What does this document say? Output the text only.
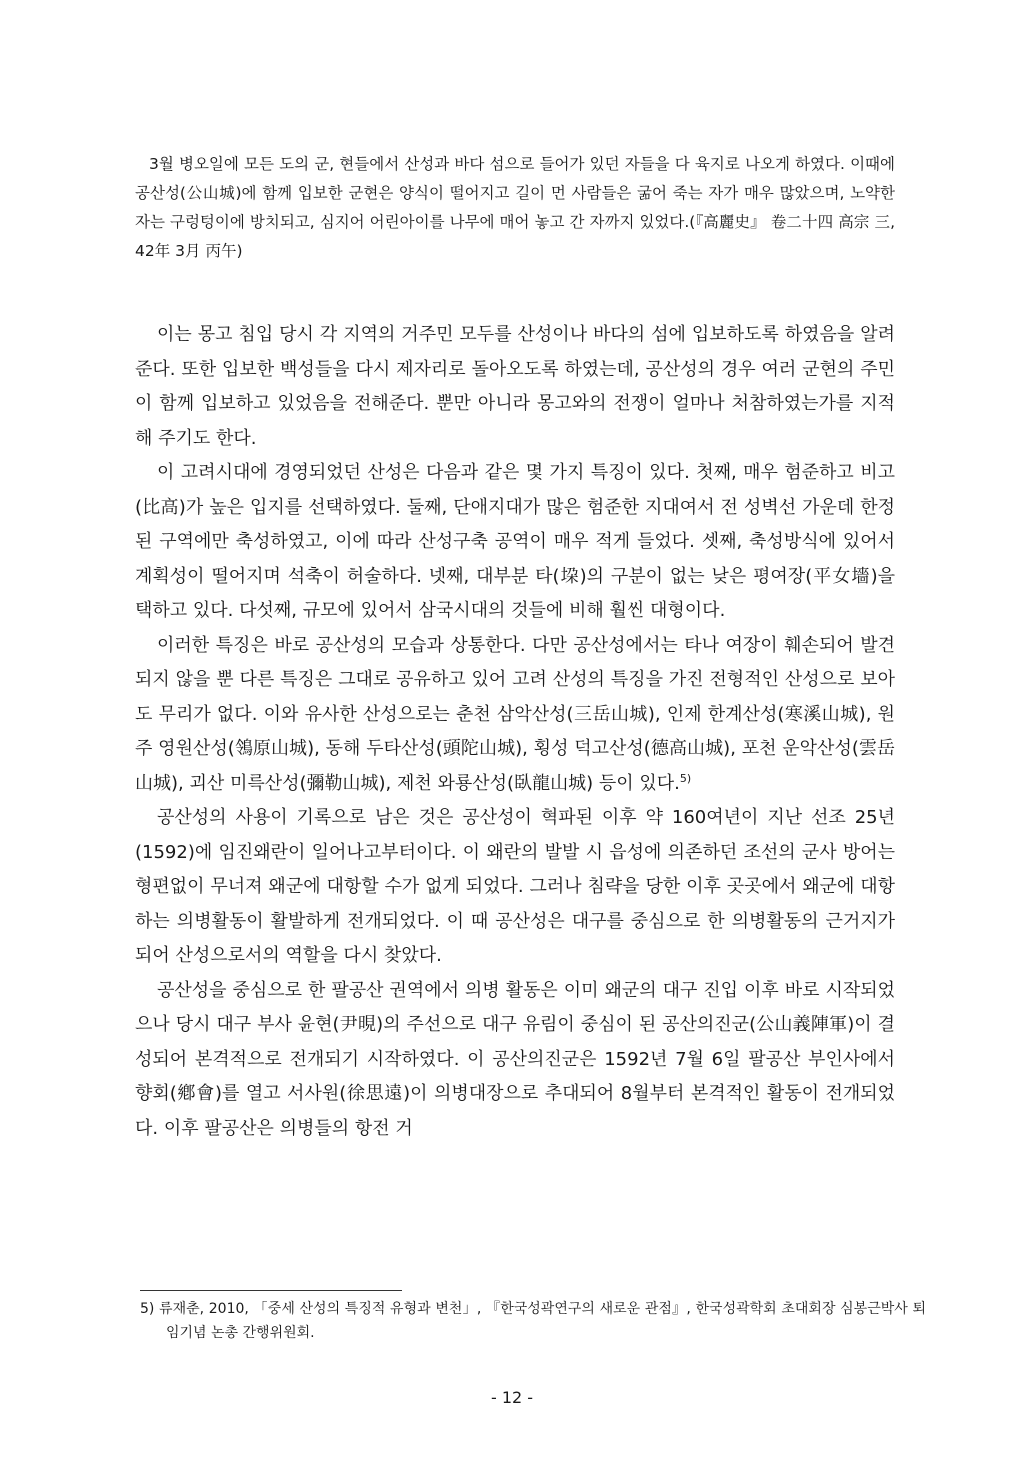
3월 병오일에 모든 도의 군, 현들에서 산성과 바다 섬으로 들어가 있던 자들을 다 육지로 나오게 하였다. 이때에 공산성(公山城)에 함께 입보한 군현은 양식이 떨어지고 길이 먼 사람들은 굶어 죽는 자가 매우 많았으며, 노약한 자는 구렁텅이에 방치되고, 심지어 어린아이를 나무에 매어 놓고 간 자까지 있었다.(『高麗史』 卷二十四 高宗 三, 42年 3月 丙午)

이는 몽고 침입 당시 각 지역의 거주민 모두를 산성이나 바다의 섬에 입보하도록 하였음을 알려준다. 또한 입보한 백성들을 다시 제자리로 돌아오도록 하였는데, 공산성의 경우 여러 군현의 주민이 함께 입보하고 있었음을 전해준다. 뿐만 아니라 몽고와의 전쟁이 얼마나 처참하였는가를 지적해 주기도 한다.

이 고려시대에 경영되었던 산성은 다음과 같은 몇 가지 특징이 있다. 첫째, 매우 험준하고 비고(比高)가 높은 입지를 선택하였다. 둘째, 단애지대가 많은 험준한 지대여서 전 성벽선 가운데 한정된 구역에만 축성하였고, 이에 따라 산성구축 공역이 매우 적게 들었다. 셋째, 축성방식에 있어서 계획성이 떨어지며 석축이 허술하다. 넷째, 대부분 타(垜)의 구분이 없는 낮은 평여장(平女墻)을 택하고 있다. 다섯째, 규모에 있어서 삼국시대의 것들에 비해 훨씬 대형이다.

이러한 특징은 바로 공산성의 모습과 상통한다. 다만 공산성에서는 타나 여장이 훼손되어 발견되지 않을 뿐 다른 특징은 그대로 공유하고 있어 고려 산성의 특징을 가진 전형적인 산성으로 보아도 무리가 없다. 이와 유사한 산성으로는 춘천 삼악산성(三岳山城), 인제 한계산성(寒溪山城), 원주 영원산성(鴒原山城), 동해 두타산성(頭陀山城), 횡성 덕고산성(德高山城), 포천 운악산성(雲岳山城), 괴산 미륵산성(彌勒山城), 제천 와룡산성(臥龍山城) 등이 있다.$^{5)}$

공산성의 사용이 기록으로 남은 것은 공산성이 혁파된 이후 약 160여년이 지난 선조 25년(1592)에 임진왜란이 일어나고부터이다. 이 왜란의 발발 시 읍성에 의존하던 조선의 군사 방어는 형편없이 무너져 왜군에 대항할 수가 없게 되었다. 그러나 침략을 당한 이후 곳곳에서 왜군에 대항하는 의병활동이 활발하게 전개되었다. 이 때 공산성은 대구를 중심으로 한 의병활동의 근거지가 되어 산성으로서의 역할을 다시 찾았다.

공산성을 중심으로 한 팔공산 권역에서 의병 활동은 이미 왜군의 대구 진입 이후 바로 시작되었으나 당시 대구 부사 윤현(尹晛)의 주선으로 대구 유림이 중심이 된 공산의진군(公山義陣軍)이 결성되어 본격적으로 전개되기 시작하였다. 이 공산의진군은 1592년 7월 6일 팔공산 부인사에서 향회(鄕會)를 열고 서사원(徐思遠)이 의병대장으로 추대되어 8월부터 본격적인 활동이 전개되었다. 이후 팔공산은 의병들의 항전 거

5) 류재춘, 2010, 「중세 산성의 특징적 유형과 변천」, 『한국성곽연구의 새로운 관점』, 한국성곽학회 초대회장 심봉근박사 퇴임기념 논총 간행위원회.
- 12 -
